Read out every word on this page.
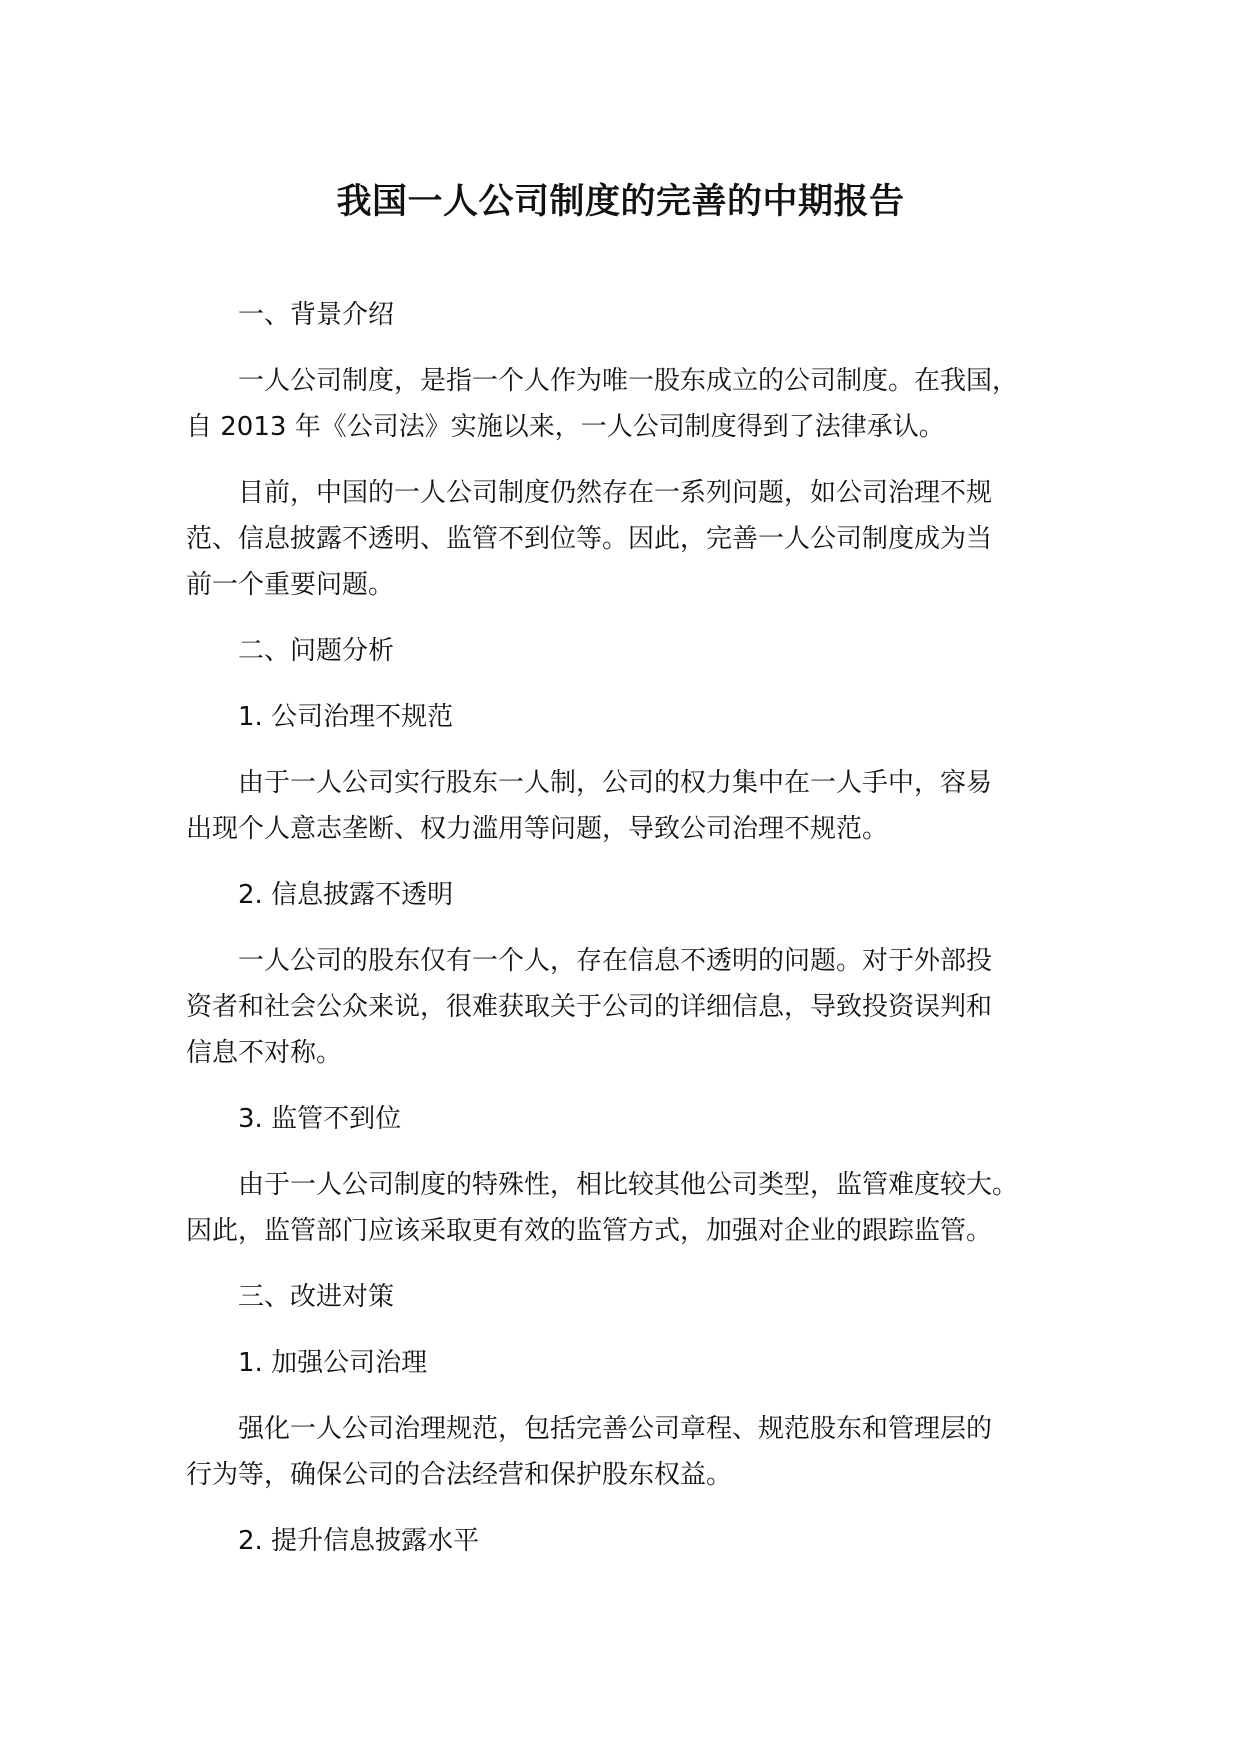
我国一人公司制度的完善的中期报告

一、背景介绍

一人公司制度，是指一个人作为唯一股东成立的公司制度。在我国，
自 2013 年《公司法》实施以来，一人公司制度得到了法律承认。

目前，中国的一人公司制度仍然存在一系列问题，如公司治理不规
范、信息披露不透明、监管不到位等。因此，完善一人公司制度成为当
前一个重要问题。

二、问题分析

1. 公司治理不规范

由于一人公司实行股东一人制，公司的权力集中在一人手中，容易
出现个人意志垄断、权力滥用等问题，导致公司治理不规范。

2. 信息披露不透明

一人公司的股东仅有一个人，存在信息不透明的问题。对于外部投
资者和社会公众来说，很难获取关于公司的详细信息，导致投资误判和
信息不对称。

3. 监管不到位

由于一人公司制度的特殊性，相比较其他公司类型，监管难度较大。
因此，监管部门应该采取更有效的监管方式，加强对企业的跟踪监管。

三、改进对策

1. 加强公司治理

强化一人公司治理规范，包括完善公司章程、规范股东和管理层的
行为等，确保公司的合法经营和保护股东权益。

2. 提升信息披露水平
